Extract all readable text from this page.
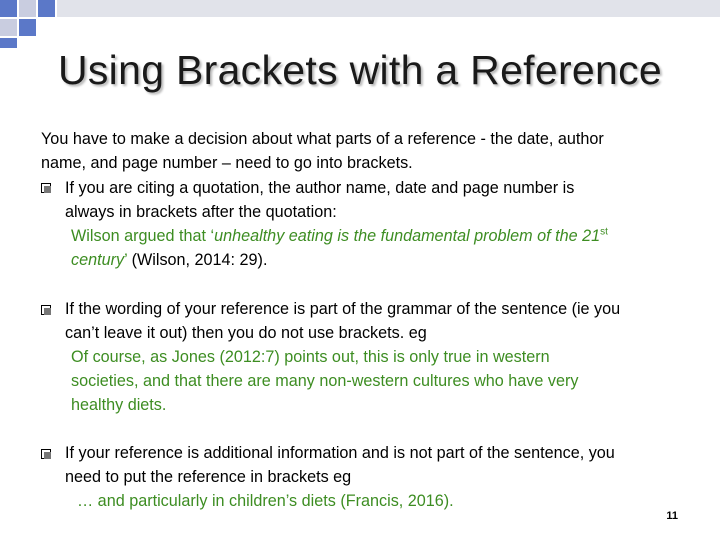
Using Brackets with a Reference
You have to make a decision about what parts of a reference - the date, author
name, and page number – need to go into brackets.
If you are citing a quotation, the author name, date and page number is
always in brackets after the quotation:
Wilson argued that ‘unhealthy eating is the fundamental problem of the 21st
century’ (Wilson, 2014: 29).
If the wording of your reference is part of the grammar of the sentence (ie you
can’t leave it out) then you do not use brackets. eg
Of course, as Jones (2012:7) points out, this is only true in western
societies, and that there are many non-western cultures who have very
healthy diets.
If your reference is additional information and is not part of the sentence, you
need to put the reference in brackets eg
… and particularly in children’s diets (Francis, 2016).
11
